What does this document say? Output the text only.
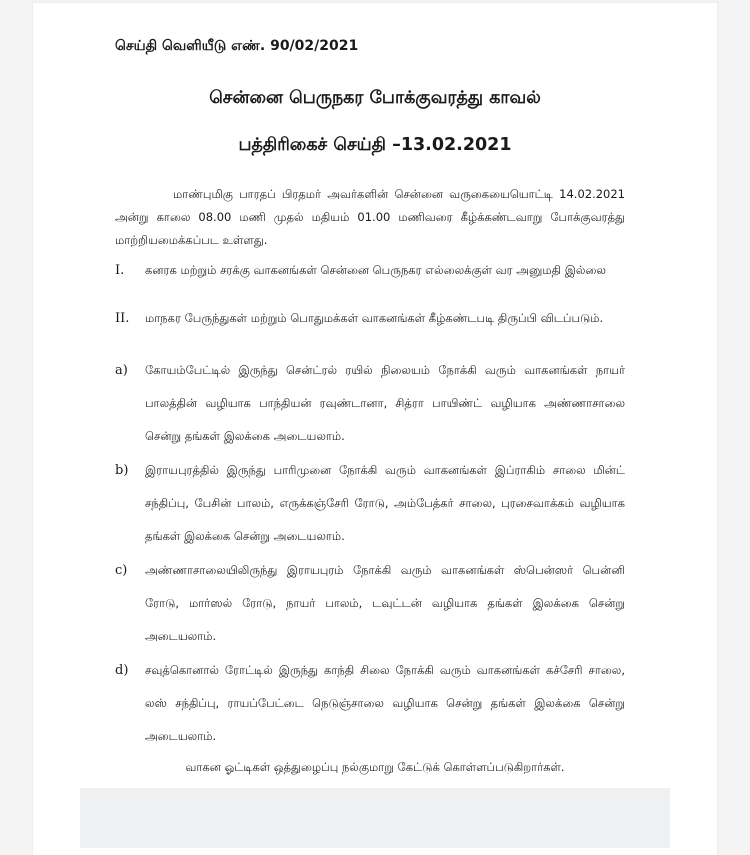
செய்தி வெளியீடு எண். 90/02/2021
சென்னை பெருநகர போக்குவரத்து காவல்
பத்திரிகைச் செய்தி –13.02.2021
மாண்புமிகு பாரதப் பிரதமர் அவர்களின் சென்னை வருகையையொட்டி 14.02.2021 அன்று காலை 08.00 மணி முதல் மதியம் 01.00 மணிவரை கீழ்க்கண்டவாறு போக்குவரத்து மாற்றியமைக்கப்பட உள்ளது.
I. கனரக மற்றும் சரக்கு வாகனங்கள் சென்னை பெருநகர எல்லைக்குள் வர அனுமதி இல்லை
II. மாநகர பேருந்துகள் மற்றும் பொதுமக்கள் வாகனங்கள் கீழ்கண்டபடி திருப்பி விடப்படும்.
a) கோயம்பேட்டில் இருந்து சென்ட்ரல் ரயில் நிலையம் நோக்கி வரும் வாகனங்கள் நாயர் பாலத்தின் வழியாக பாந்தியன் ரவுண்டானா, சித்ரா பாயிண்ட் வழியாக அண்ணாசாலை சென்று தங்கள் இலக்கை அடையலாம்.
b) இராயபுரத்தில் இருந்து பாரிமுனை நோக்கி வரும் வாகனங்கள் இப்ராகிம் சாலை மின்ட் சந்திப்பு, பேசின் பாலம், எருக்கஞ்சேரி ரோடு, அம்பேத்கர் சாலை, புரசைவாக்கம் வழியாக தங்கள் இலக்கை சென்று அடையலாம்.
c) அண்ணாசாலையிலிருந்து இராயபுரம் நோக்கி வரும் வாகனங்கள் ஸ்பென்ஸர் பென்னி ரோடு, மார்ஸல் ரோடு, நாயர் பாலம், டவுட்டன் வழியாக தங்கள் இலக்கை சென்று அடையலாம்.
d) சவுத்கொனால் ரோட்டில் இருந்து காந்தி சிலை நோக்கி வரும் வாகனங்கள் கச்சேரி சாலை, லஸ் சந்திப்பு, ராயப்பேட்டை நெடுஞ்சாலை வழியாக சென்று தங்கள் இலக்கை சென்று அடையலாம்.
வாகன ஓட்டிகள் ஒத்துழைப்பு நல்குமாறு கேட்டுக் கொள்ளப்படுகிறார்கள்.
